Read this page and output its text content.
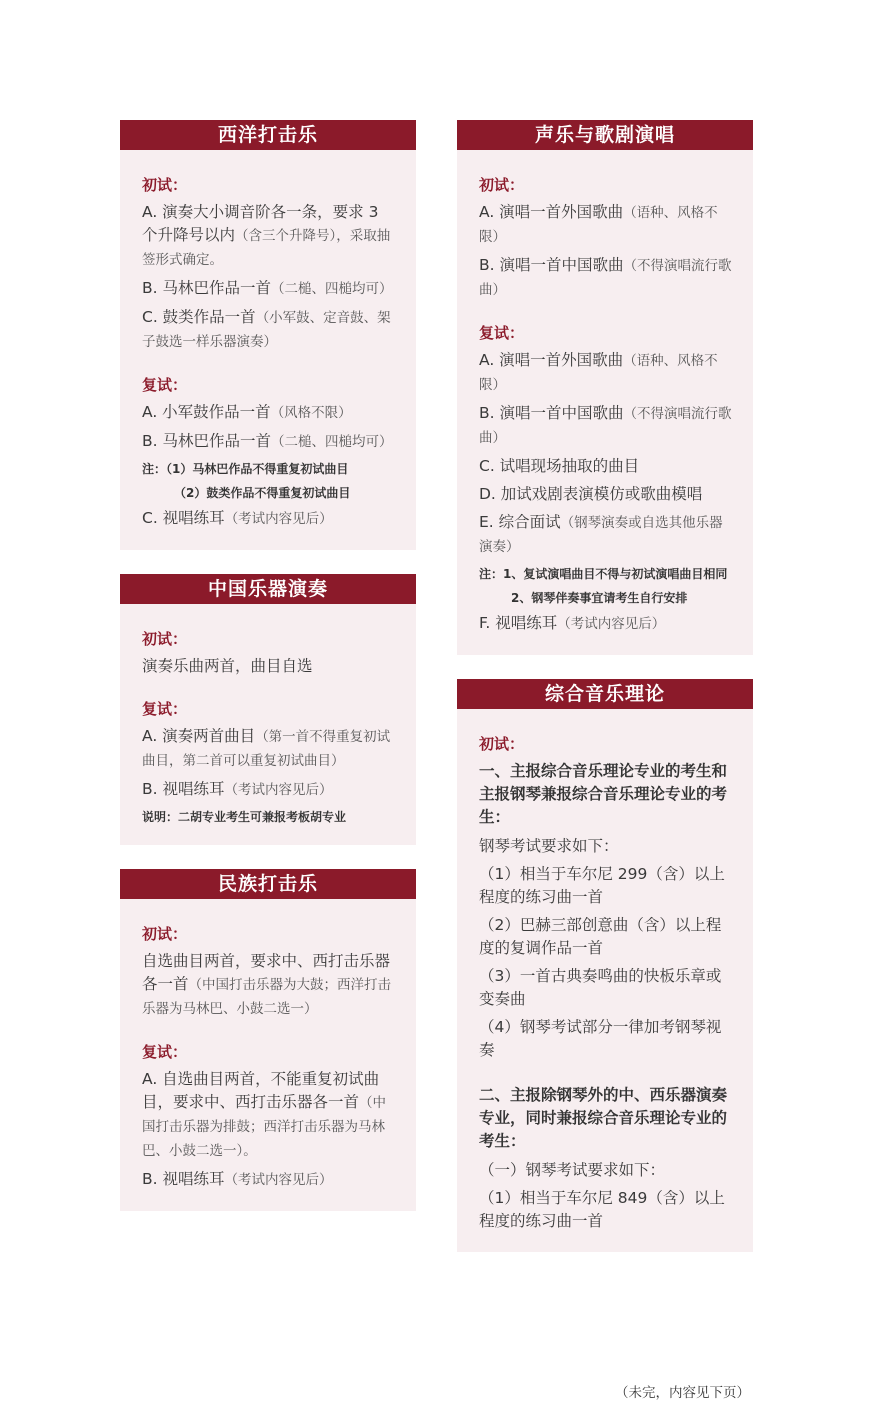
西洋打击乐
初试：
A. 演奏大小调音阶各一条，要求 3 个升降号以内（含三个升降号），采取抽签形式确定。
B. 马林巴作品一首（二槌、四槌均可）
C. 鼓类作品一首（小军鼓、定音鼓、架子鼓选一样乐器演奏）
复试：
A. 小军鼓作品一首（风格不限）
B. 马林巴作品一首（二槌、四槌均可）
注：（1）马林巴作品不得重复初试曲目
（2）鼓类作品不得重复初试曲目
C. 视唱练耳（考试内容见后）
中国乐器演奏
初试：
演奏乐曲两首，曲目自选
复试：
A. 演奏两首曲目（第一首不得重复初试曲目，第二首可以重复初试曲目）
B. 视唱练耳（考试内容见后）
说明：二胡专业考生可兼报考板胡专业
民族打击乐
初试：
自选曲目两首，要求中、西打击乐器各一首（中国打击乐器为大鼓；西洋打击乐器为马林巴、小鼓二选一）
复试：
A. 自选曲目两首，不能重复初试曲目，要求中、西打击乐器各一首（中国打击乐器为排鼓；西洋打击乐器为马林巴、小鼓二选一）。
B. 视唱练耳（考试内容见后）
声乐与歌剧演唱
初试：
A. 演唱一首外国歌曲（语种、风格不限）
B. 演唱一首中国歌曲（不得演唱流行歌曲）
复试：
A. 演唱一首外国歌曲（语种、风格不限）
B. 演唱一首中国歌曲（不得演唱流行歌曲）
C. 试唱现场抽取的曲目
D. 加试戏剧表演模仿或歌曲模唱
E. 综合面试（钢琴演奏或自选其他乐器演奏）
注：1、复试演唱曲目不得与初试演唱曲目相同
2、钢琴伴奏事宜请考生自行安排
F. 视唱练耳（考试内容见后）
综合音乐理论
初试：
一、主报综合音乐理论专业的考生和主报钢琴兼报综合音乐理论专业的考生：
钢琴考试要求如下：
（1）相当于车尔尼 299（含）以上程度的练习曲一首
（2）巴赫三部创意曲（含）以上程度的复调作品一首
（3）一首古典奏鸣曲的快板乐章或变奏曲
（4）钢琴考试部分一律加考钢琴视奏
二、主报除钢琴外的中、西乐器演奏专业，同时兼报综合音乐理论专业的考生：
（一）钢琴考试要求如下：
（1）相当于车尔尼 849（含）以上程度的练习曲一首
（未完，内容见下页）
